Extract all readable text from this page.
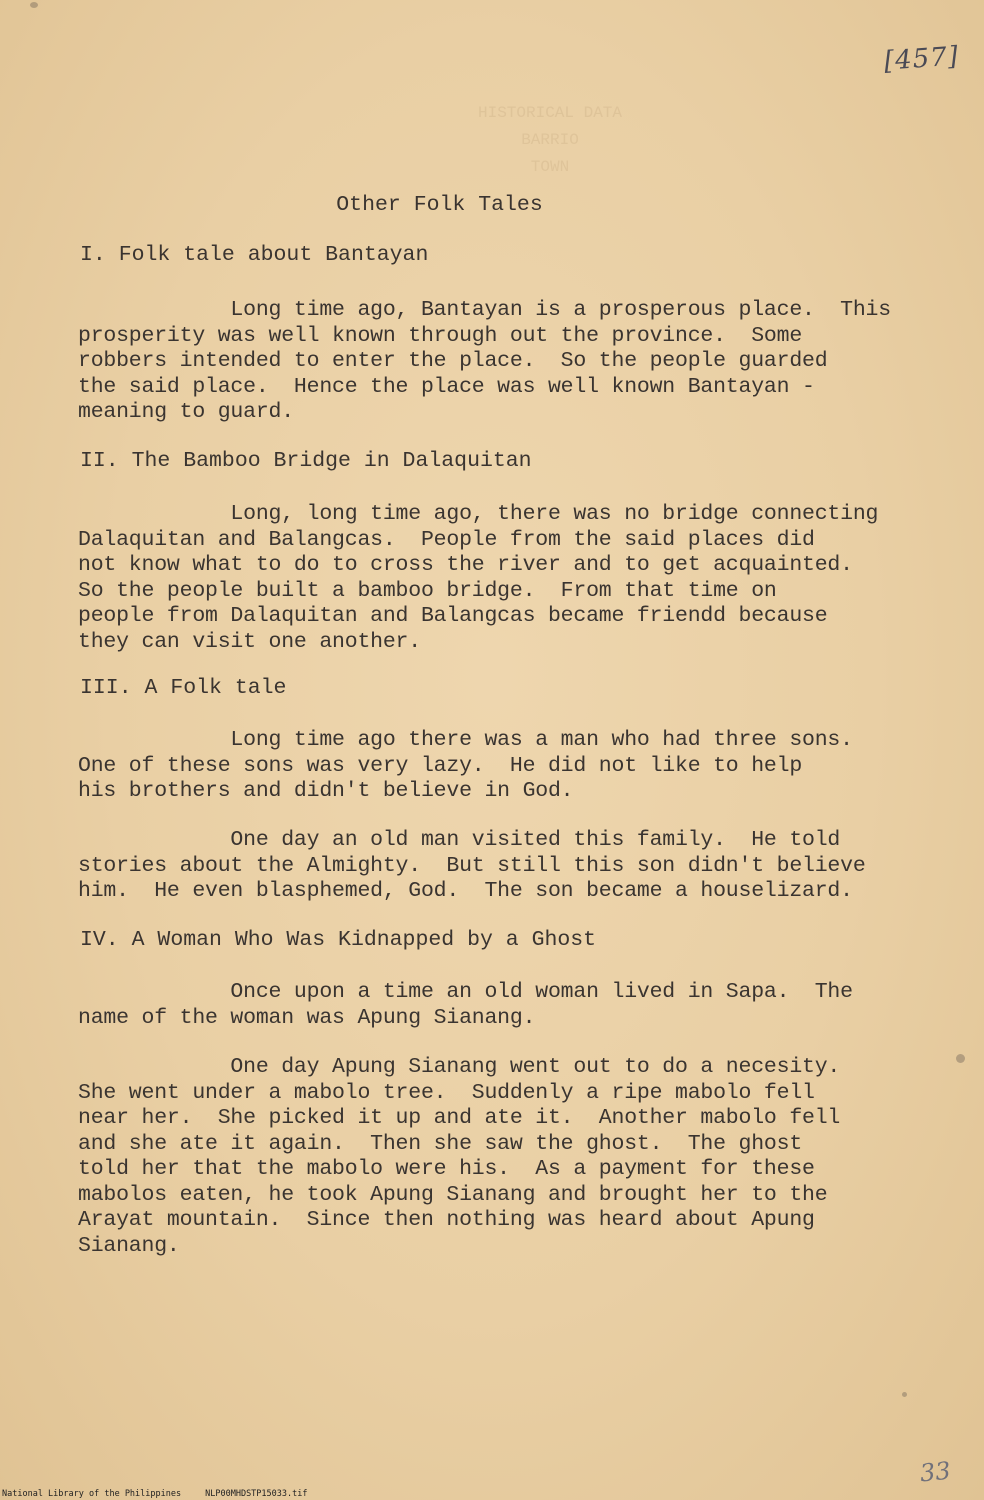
[457]
HISTORICAL DATA
BARRIO
TOWN
Other Folk Tales
I. Folk tale about Bantayan
Long time ago, Bantayan is a prosperous place.  This
prosperity was well known through out the province.  Some
robbers intended to enter the place.  So the people guarded
the said place.  Hence the place was well known Bantayan -
meaning to guard.
II. The Bamboo Bridge in Dalaquitan
Long, long time ago, there was no bridge connecting
Dalaquitan and Balangcas.  People from the said places did
not know what to do to cross the river and to get acquainted.
So the people built a bamboo bridge.  From that time on
people from Dalaquitan and Balangcas became friendd because
they can visit one another.
III. A Folk tale
Long time ago there was a man who had three sons.
One of these sons was very lazy.  He did not like to help
his brothers and didn't believe in God.
One day an old man visited this family.  He told
stories about the Almighty.  But still this son didn't believe
him.  He even blasphemed, God.  The son became a houselizard.
IV. A Woman Who Was Kidnapped by a Ghost
Once upon a time an old woman lived in Sapa.  The
name of the woman was Apung Sianang.
One day Apung Sianang went out to do a necesity.
She went under a mabolo tree.  Suddenly a ripe mabolo fell
near her.  She picked it up and ate it.  Another mabolo fell
and she ate it again.  Then she saw the ghost.  The ghost
told her that the mabolo were his.  As a payment for these
mabolos eaten, he took Apung Sianang and brought her to the
Arayat mountain.  Since then nothing was heard about Apung
Sianang.
33
National Library of the Philippines	NLP00MHDSTP15033.tif
